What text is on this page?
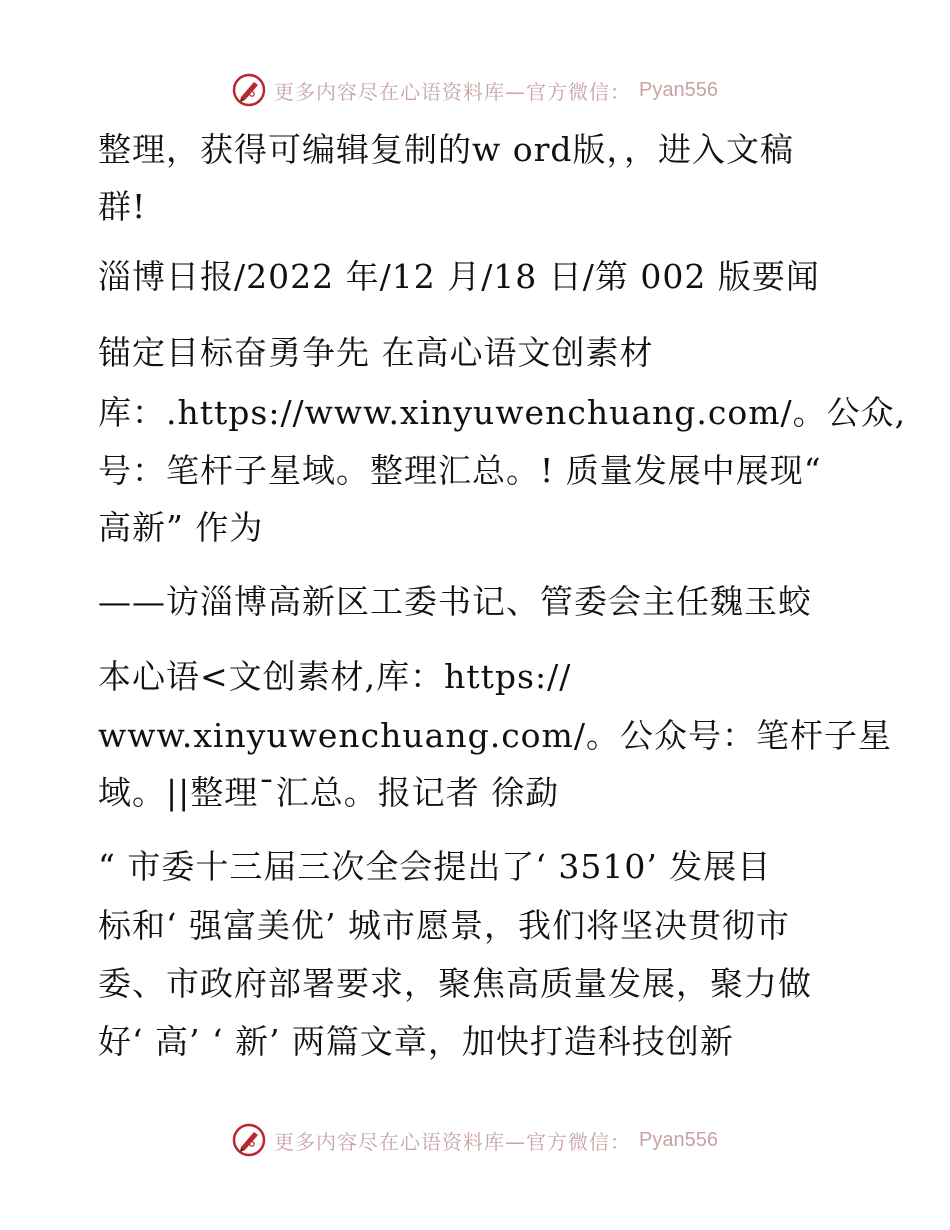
更多内容尽在心语资料库—官方微信： Pyan556
整理，获得可编辑复制的w ord版，，进入文稿
群!
淄博日报/2022 年/12 月/18 日/第 002 版要闻
锚定目标奋勇争先 在高心语文创素材
库：.https://www.xinyuwenchuang.com/。公众,
号：笔杆子星域。整理汇总。! 质量发展中展现“
高新” 作为
——访淄博高新区工委书记、管委会主任魏玉蛟
本心语<文创素材,库：https://
www.xinyuwenchuang.com/。公众号：笔杆子星
域。||整理¯汇总。报记者 徐勐
“ 市委十三届三次全会提出了‘ 3510’ 发展目
标和‘ 强富美优’ 城市愿景，我们将坚决贯彻市
委、市政府部署要求，聚焦高质量发展，聚力做
好‘ 高’ ‘ 新’ 两篇文章，加快打造科技创新
更多内容尽在心语资料库—官方微信： Pyan556
